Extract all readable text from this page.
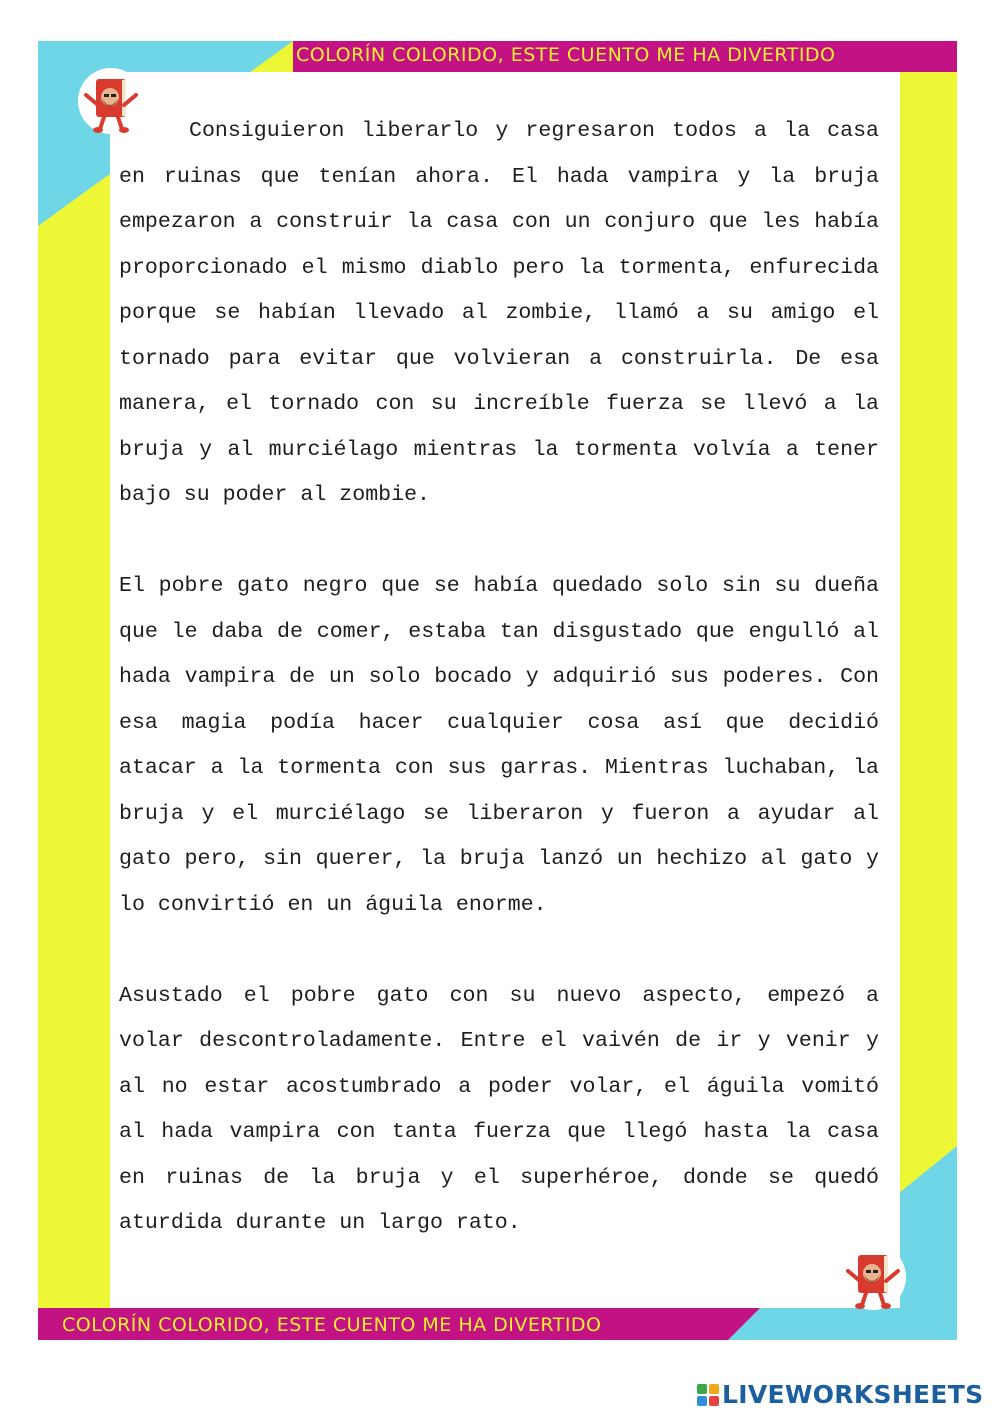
COLORÍN COLORIDO, ESTE CUENTO ME HA DIVERTIDO
COLORÍN COLORIDO, ESTE CUENTO ME HA DIVERTIDO

Consiguieron liberarlo y regresaron todos a la casa en ruinas que tenían ahora. El hada vampira y la bruja empezaron a construir la casa con un conjuro que les había proporcionado el mismo diablo pero la tormenta, enfurecida porque se habían llevado al zombie, llamó a su amigo el tornado para evitar que volvieran a construirla. De esa manera, el tornado con su increíble fuerza se llevó a la bruja y al murciélago mientras la tormenta volvía a tener bajo su poder al zombie.

El pobre gato negro que se había quedado solo sin su dueña que le daba de comer, estaba tan disgustado que engulló al hada vampira de un solo bocado y adquirió sus poderes. Con esa magia podía hacer cualquier cosa así que decidió atacar a la tormenta con sus garras. Mientras luchaban, la bruja y el murciélago se liberaron y fueron a ayudar al gato pero, sin querer, la bruja lanzó un hechizo al gato y lo convirtió en un águila enorme.

Asustado el pobre gato con su nuevo aspecto, empezó a volar descontroladamente. Entre el vaivén de ir y venir y al no estar acostumbrado a poder volar, el águila vomitó al hada vampira con tanta fuerza que llegó hasta la casa en ruinas de la bruja y el superhéroe, donde se quedó aturdida durante un largo rato.

LIVEWORKSHEETS
